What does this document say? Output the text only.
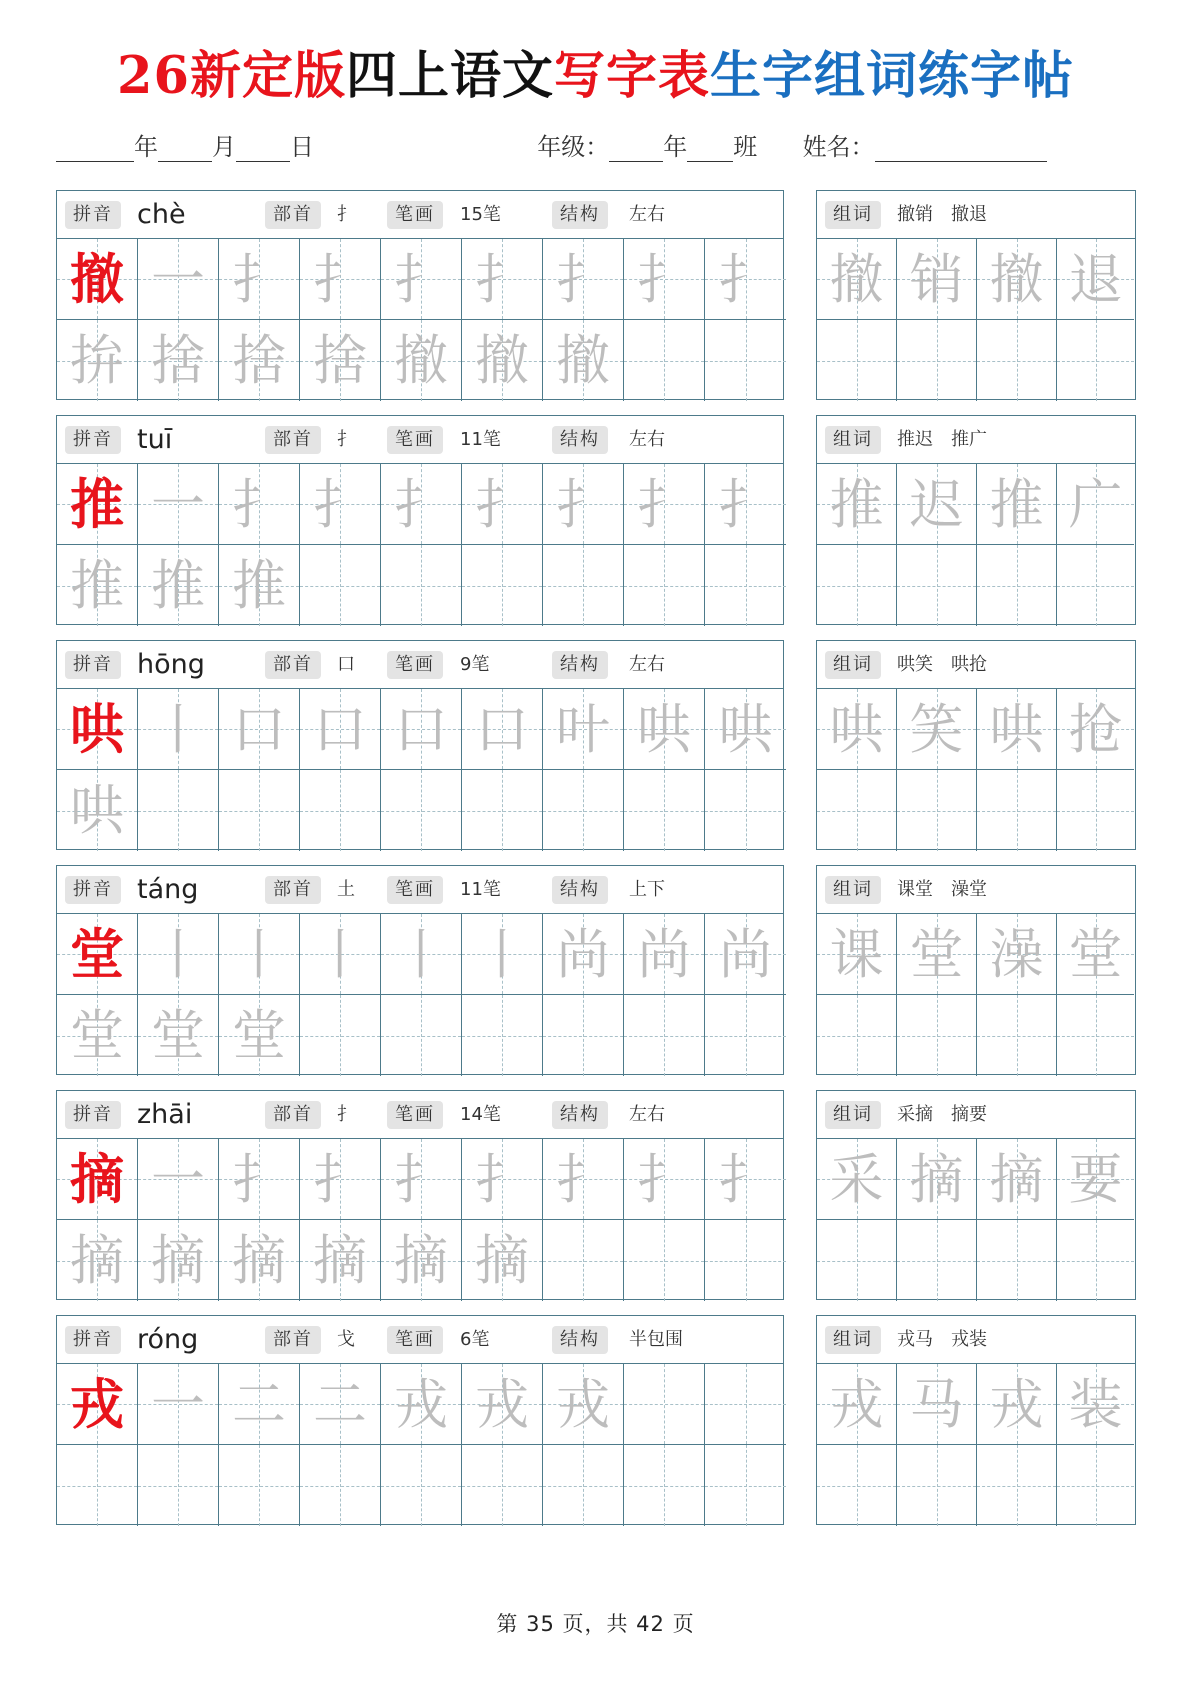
26新定版四上语文写字表生字组词练字帖
年 月 日	年级： 年 班 姓名：
拼音 chè	部首	扌	笔画	15笔	结构	左右
撤 一 扌 扌 扌 扌 扌 扌 扌
拚 捨 捨 捨 撤 撤 撤
组词	撤销　撤退
撤 销 撤 退
拼音 tuī	部首	扌	笔画	11笔	结构	左右
推 一 扌 扌 扌 扌 扌 扌 扌
推 推 推
组词	推迟　推广
推 迟 推 广
拼音 hōng	部首	口	笔画	9笔	结构	左右
哄 丨 口 口 口 口 叶 哄 哄
哄
组词	哄笑　哄抢
哄 笑 哄 抢
拼音 táng	部首	土	笔画	11笔	结构	上下
堂 丨 丨 丨 丨 丨 尚 尚 尚
堂 堂 堂
组词	课堂　澡堂
课 堂 澡 堂
拼音 zhāi	部首	扌	笔画	14笔	结构	左右
摘 一 扌 扌 扌 扌 扌 扌 扌
摘 摘 摘 摘 摘 摘
组词	采摘　摘要
采 摘 摘 要
拼音 róng	部首	戈	笔画	6笔	结构	半包围
戎 一 二 二 戎 戎 戎
组词	戎马　戎装
戎 马 戎 装
第 35 页，共 42 页
